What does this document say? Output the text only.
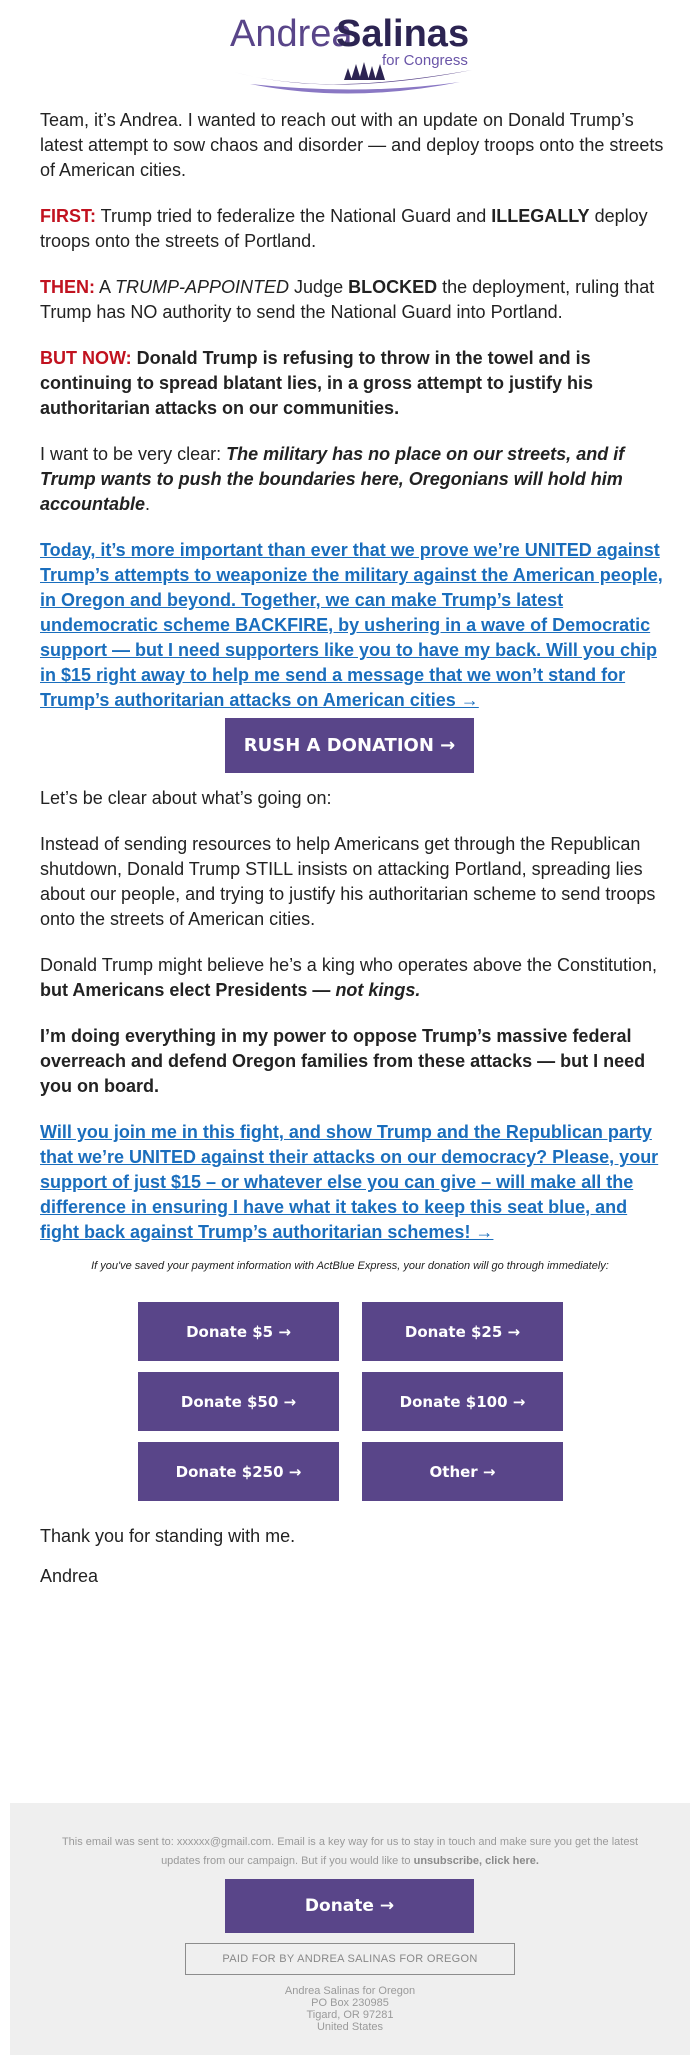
Andrea
Salinas
for Congress

Team, it’s Andrea. I wanted to reach out with an update on Donald Trump’s latest attempt to sow chaos and disorder — and deploy troops onto the streets of American cities.

FIRST: Trump tried to federalize the National Guard and ILLEGALLY deploy troops onto the streets of Portland.

THEN: A TRUMP-APPOINTED Judge BLOCKED the deployment, ruling that Trump has NO authority to send the National Guard into Portland.

BUT NOW: Donald Trump is refusing to throw in the towel and is continuing to spread blatant lies, in a gross attempt to justify his authoritarian attacks on our communities.

I want to be very clear: The military has no place on our streets, and if Trump wants to push the boundaries here, Oregonians will hold him accountable.

Today, it’s more important than ever that we prove we’re UNITED against Trump’s attempts to weaponize the military against the American people, in Oregon and beyond. Together, we can make Trump’s latest undemocratic scheme BACKFIRE, by ushering in a wave of Democratic support — but I need supporters like you to have my back. Will you chip in $15 right away to help me send a message that we won’t stand for Trump’s authoritarian attacks on American cities →

RUSH A DONATION →

Let’s be clear about what’s going on:

Instead of sending resources to help Americans get through the Republican shutdown, Donald Trump STILL insists on attacking Portland, spreading lies about our people, and trying to justify his authoritarian scheme to send troops onto the streets of American cities.

Donald Trump might believe he’s a king who operates above the Constitution, but Americans elect Presidents — not kings.

I’m doing everything in my power to oppose Trump’s massive federal overreach and defend Oregon families from these attacks — but I need you on board.

Will you join me in this fight, and show Trump and the Republican party that we’re UNITED against their attacks on our democracy? Please, your support of just $15 – or whatever else you can give – will make all the difference in ensuring I have what it takes to keep this seat blue, and fight back against Trump’s authoritarian schemes! →

If you've saved your payment information with ActBlue Express, your donation will go through immediately:
Donate $5 →	Donate $25 →
Donate $50 →	Donate $100 →
Donate $250 →	Other →

Thank you for standing with me.

Andrea

This email was sent to: xxxxxx@gmail.com. Email is a key way for us to stay in touch and make sure you get the latest updates from our campaign. But if you would like to unsubscribe, click here.
Donate →
PAID FOR BY ANDREA SALINAS FOR OREGON
Andrea Salinas for Oregon
PO Box 230985
Tigard, OR 97281
United States
